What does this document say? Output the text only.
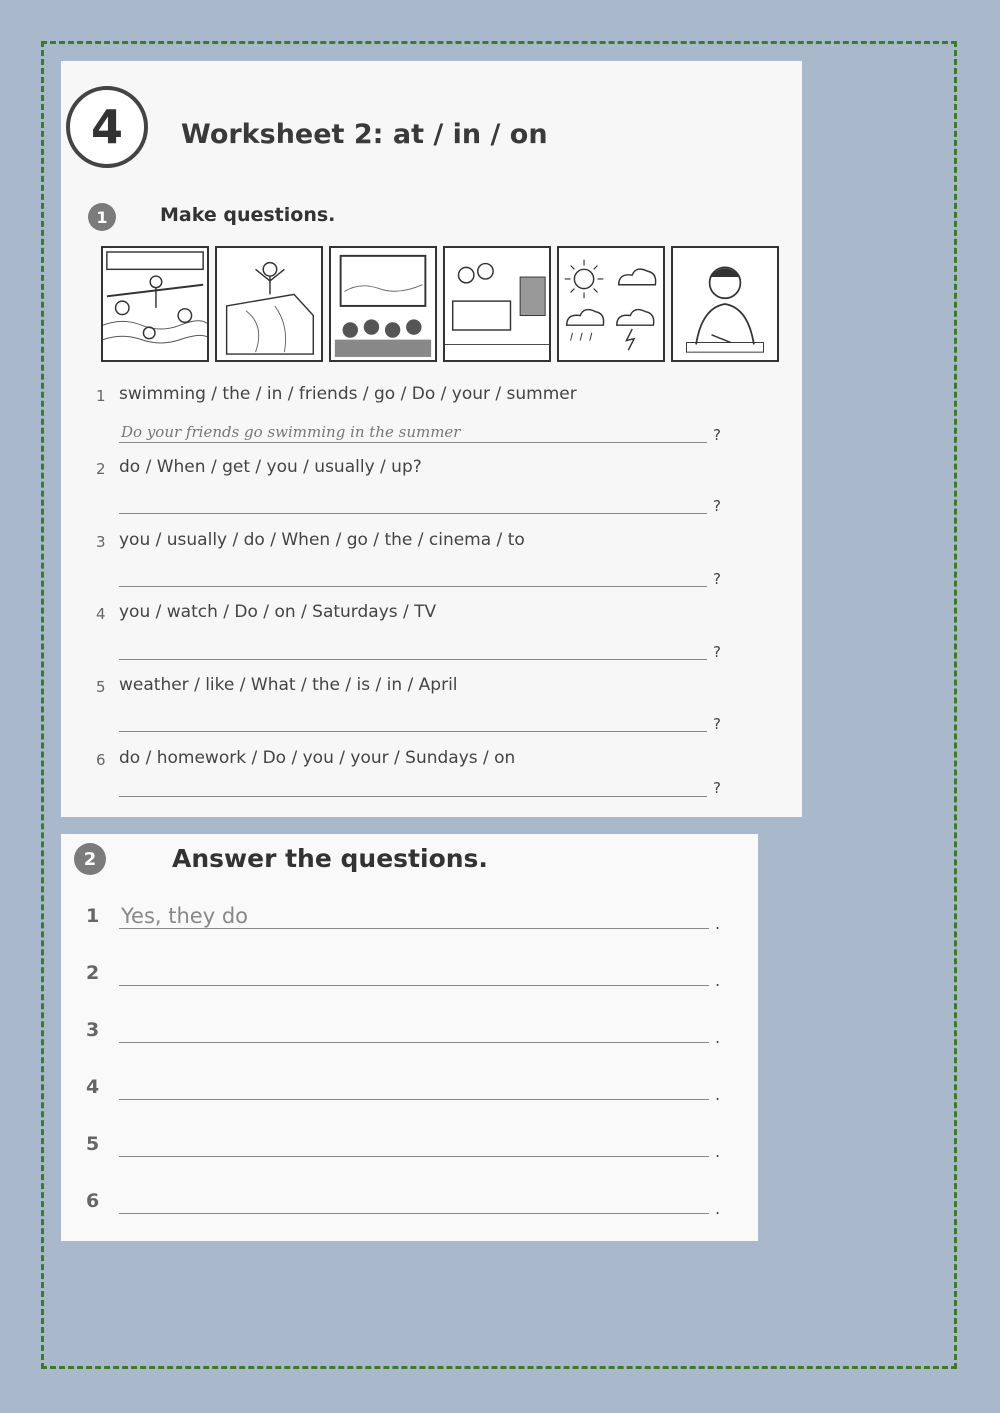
4	Worksheet 2: at / in / on
1	Make questions.
1 swimming / the / in / friends / go / Do / your / summer
Do your friends go swimming in the summer	?
2 do / When / get / you / usually / up?
?
3 you / usually / do / When / go / the / cinema / to
?
4 you / watch / Do / on / Saturdays / TV
?
5 weather / like / What / the / is / in / April
?
6 do / homework / Do / you / your / Sundays / on
?
2	Answer the questions.
1 Yes, they do	.
2	.
3	.
4	.
5	.
6	.
